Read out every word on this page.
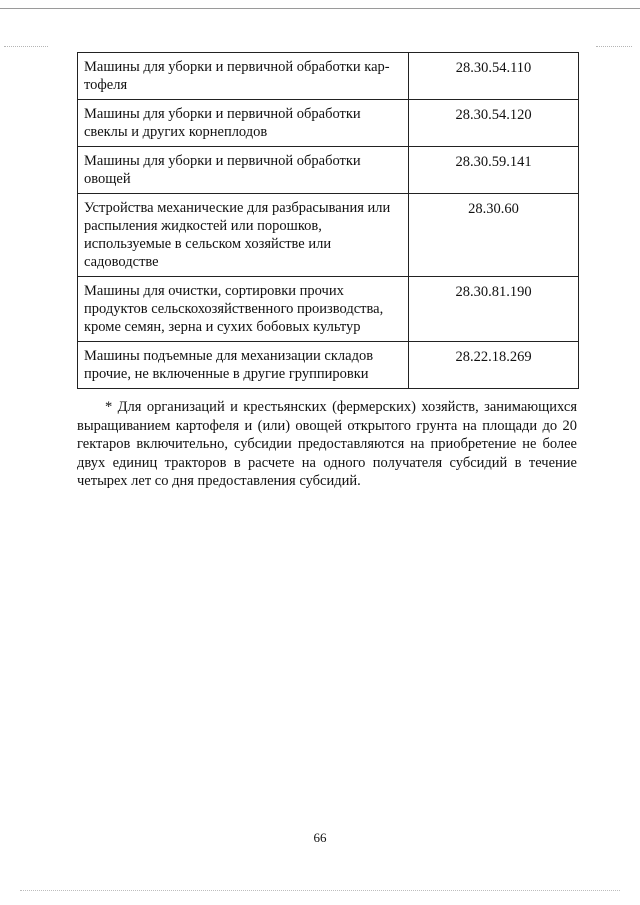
Машины для уборки и первичной обработки кар- тофеля	28.30.54.110
Машины для уборки и первичной обработки свеклы и других корнеплодов	28.30.54.120
Машины для уборки и первичной обработки овощей	28.30.59.141
Устройства механические для разбрасывания или распыления жидкостей или порошков, используемые в сельском хозяйстве или садоводстве	28.30.60
Машины для очистки, сортировки прочих продуктов сельскохозяйственного производства, кроме семян, зерна и сухих бобовых культур	28.30.81.190
Машины подъемные для механизации складов прочие, не включенные в другие группировки	28.22.18.269

* Для организаций и крестьянских (фермерских) хозяйств, занимающихся выращиванием картофеля и (или) овощей открытого грунта на площади до 20 гектаров включительно, субсидии предоставляются на приобретение не более двух единиц тракторов в расчете на одного получателя субсидий в течение четырех лет со дня предоставления субсидий.

66
